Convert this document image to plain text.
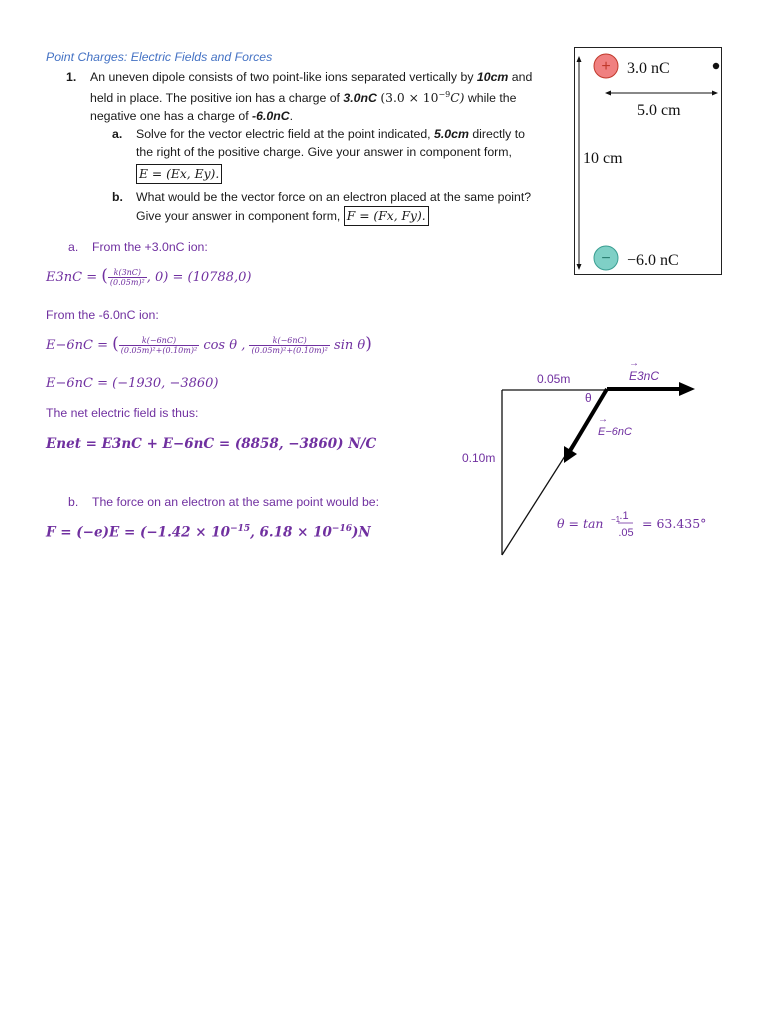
Point Charges: Electric Fields and Forces
1. An uneven dipole consists of two point-like ions separated vertically by 10cm and
held in place. The positive ion has a charge of 3.0nC $(3.0 \times 10^{-9}C)$ while the
negative one has a charge of -6.0nC.
a. Solve for the vector electric field at the point indicated, 5.0cm directly to
the right of the positive charge. Give your answer in component form,
E = (Ex, Ey).
b. What would be the vector force on an electron placed at the same point?
Give your answer in component form, F = (Fx, Fy).
+
−
3.0 nC
5.0 cm
10 cm
−6.0 nC
a. From the +3.0nC ion:
E3nC = ( $\frac{k(3nC)}{\text{(0.05m)²}}$ , 0) = (10788,0)
From the -6.0nC ion:
E−6nC = ( $\frac{k(-6nC)}{\text{(0.05m)²+(0.10m)²}}$ cos θ , $\frac{k(-6nC)}{\text{(0.05m)²+(0.10m)²}}$ sin θ)
E−6nC = (−1930, −3860)
The net electric field is thus:
Enet = E3nC + E−6nC = (8858, −3860) N/C
b. The force on an electron at the same point would be:
$F = (-e)E = (-1.42 \times 10^{-15}$, $6.18 \times 10^{-16})N$
0.05m
0.10m
θ
E3nC
→
E−6nC
→
θ = tan −1 .1
.05
= 63.435°
